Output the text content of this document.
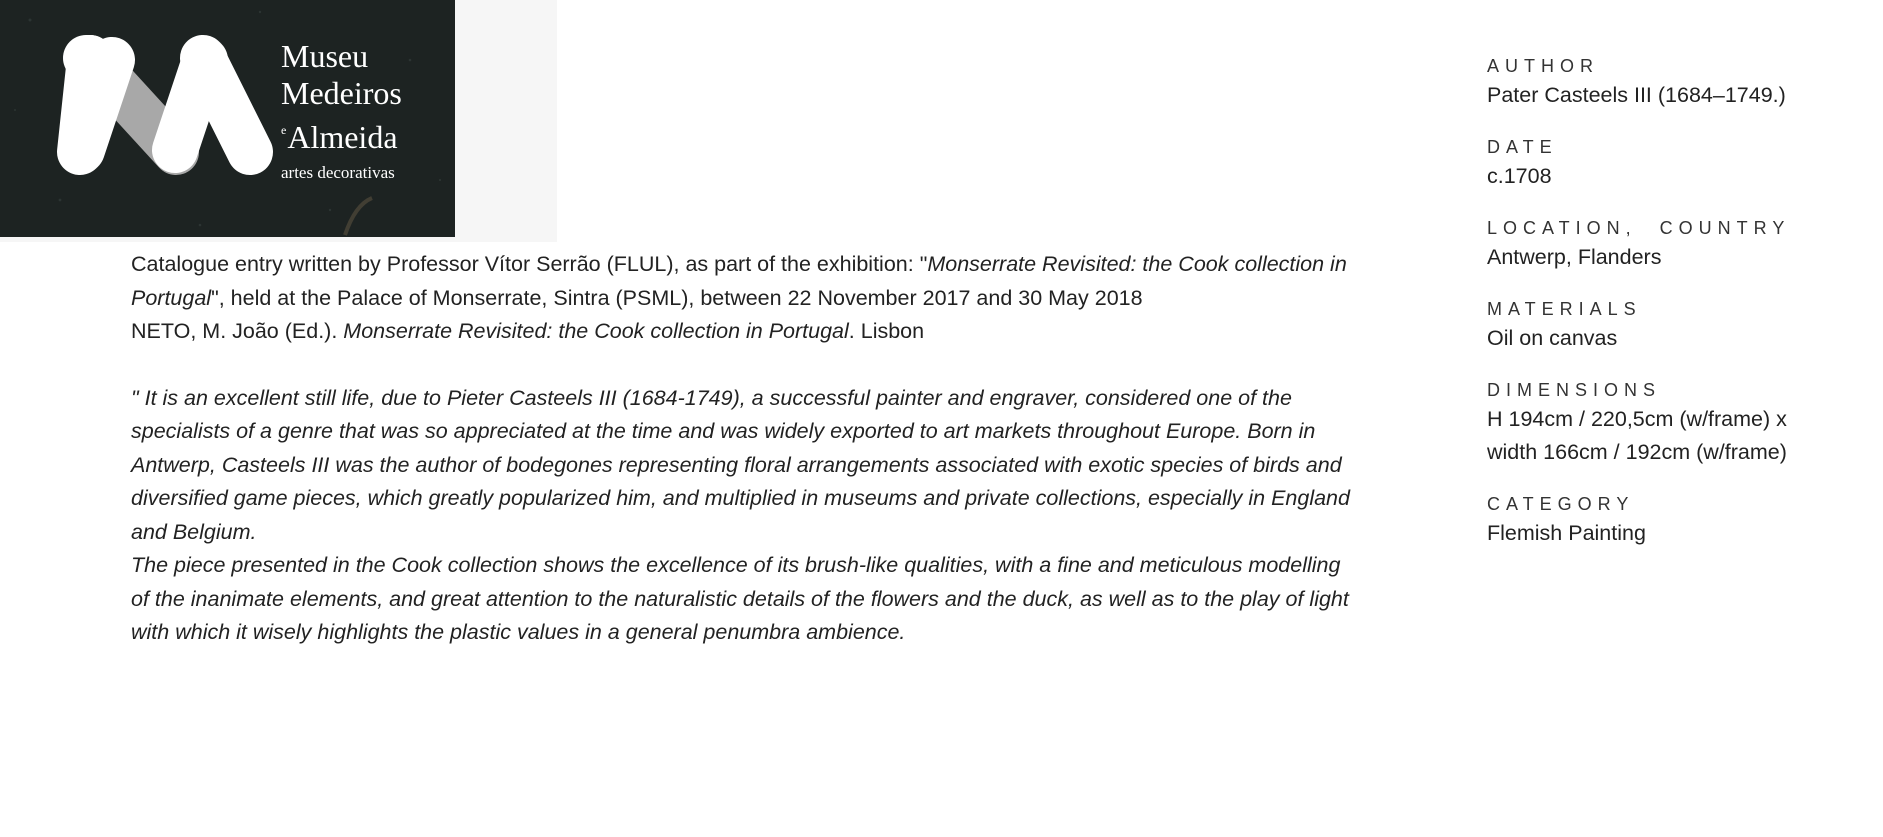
Museu
Medeiros
$^e$Almeida
artes decorativas

Catalogue entry written by Professor Vítor Serrão (FLUL), as part of the exhibition: "Monserrate Revisited: the Cook collection in Portugal", held at the Palace of Monserrate, Sintra (PSML), between 22 November 2017 and 30 May 2018

NETO, M. João (Ed.). Monserrate Revisited: the Cook collection in Portugal. Lisbon

" It is an excellent still life, due to Pieter Casteels III (1684-1749), a successful painter and engraver, considered one of the specialists of a genre that was so appreciated at the time and was widely exported to art markets throughout Europe. Born in Antwerp, Casteels III was the author of bodegones representing floral arrangements associated with exotic species of birds and diversified game pieces, which greatly popularized him, and multiplied in museums and private collections, especially in England and Belgium.

The piece presented in the Cook collection shows the excellence of its brush-like qualities, with a fine and meticulous modelling of the inanimate elements, and great attention to the naturalistic details of the flowers and the duck, as well as to the play of light with which it wisely highlights the plastic values in a general penumbra ambience.

AUTHOR
Pater Casteels III (1684–1749.)
DATE
c.1708
LOCATION, COUNTRY
Antwerp, Flanders
MATERIALS
Oil on canvas
DIMENSIONS
H 194cm / 220,5cm (w/frame) x
width 166cm / 192cm (w/frame)
CATEGORY
Flemish Painting
